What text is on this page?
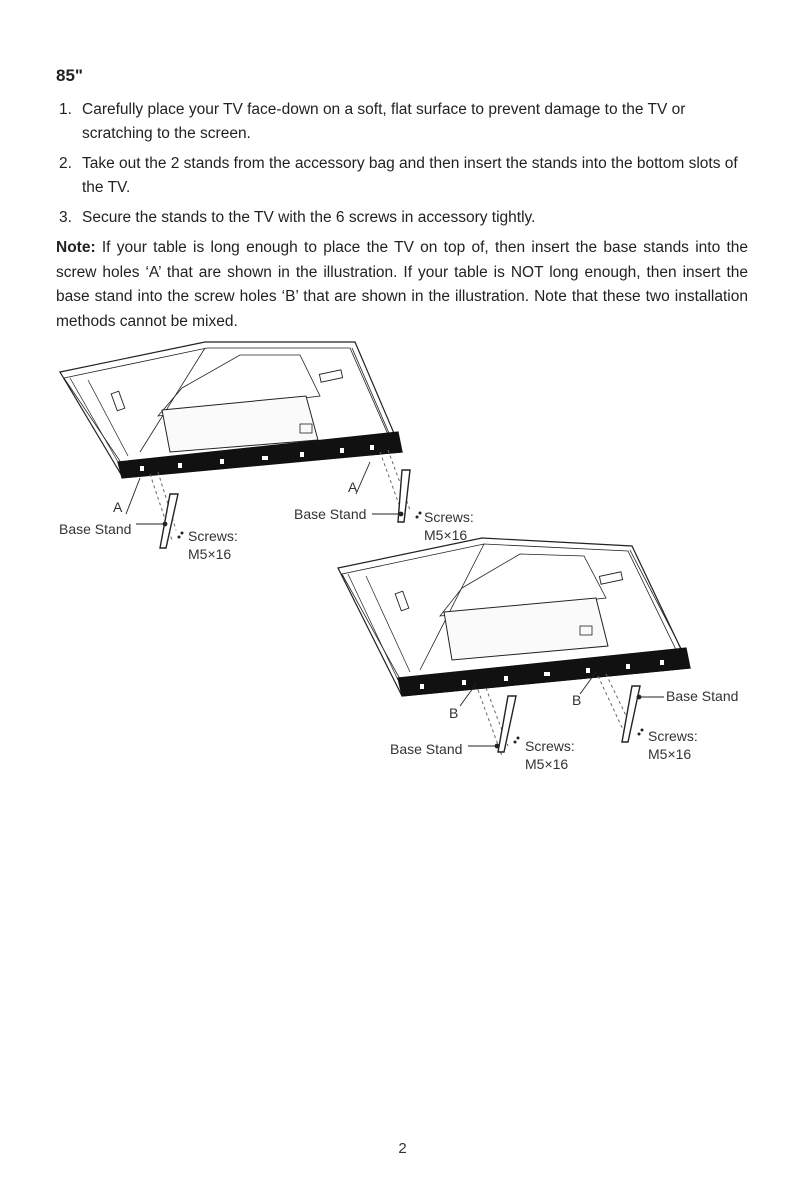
85"
1. Carefully place your TV face-down on a soft, flat surface to prevent damage to the TV or scratching to the screen.
2. Take out the 2 stands from the accessory bag and then insert the stands into the bottom slots of the TV.
3. Secure the stands to the TV with the 6 screws in accessory tightly.
Note: If your table is long enough to place the TV on top of, then insert the base stands into the screw holes ‘A’ that are shown in the illustration. If your table is NOT long enough, then insert the base stand into the screw holes ‘B’ that are shown in the illustration. Note that these two installation methods cannot be mixed.
A
A
Base Stand
Base Stand
Screws:
M5×16
Screws:
M5×16
B
B
Base Stand
Base Stand
Screws:
M5×16
Screws:
M5×16
2
